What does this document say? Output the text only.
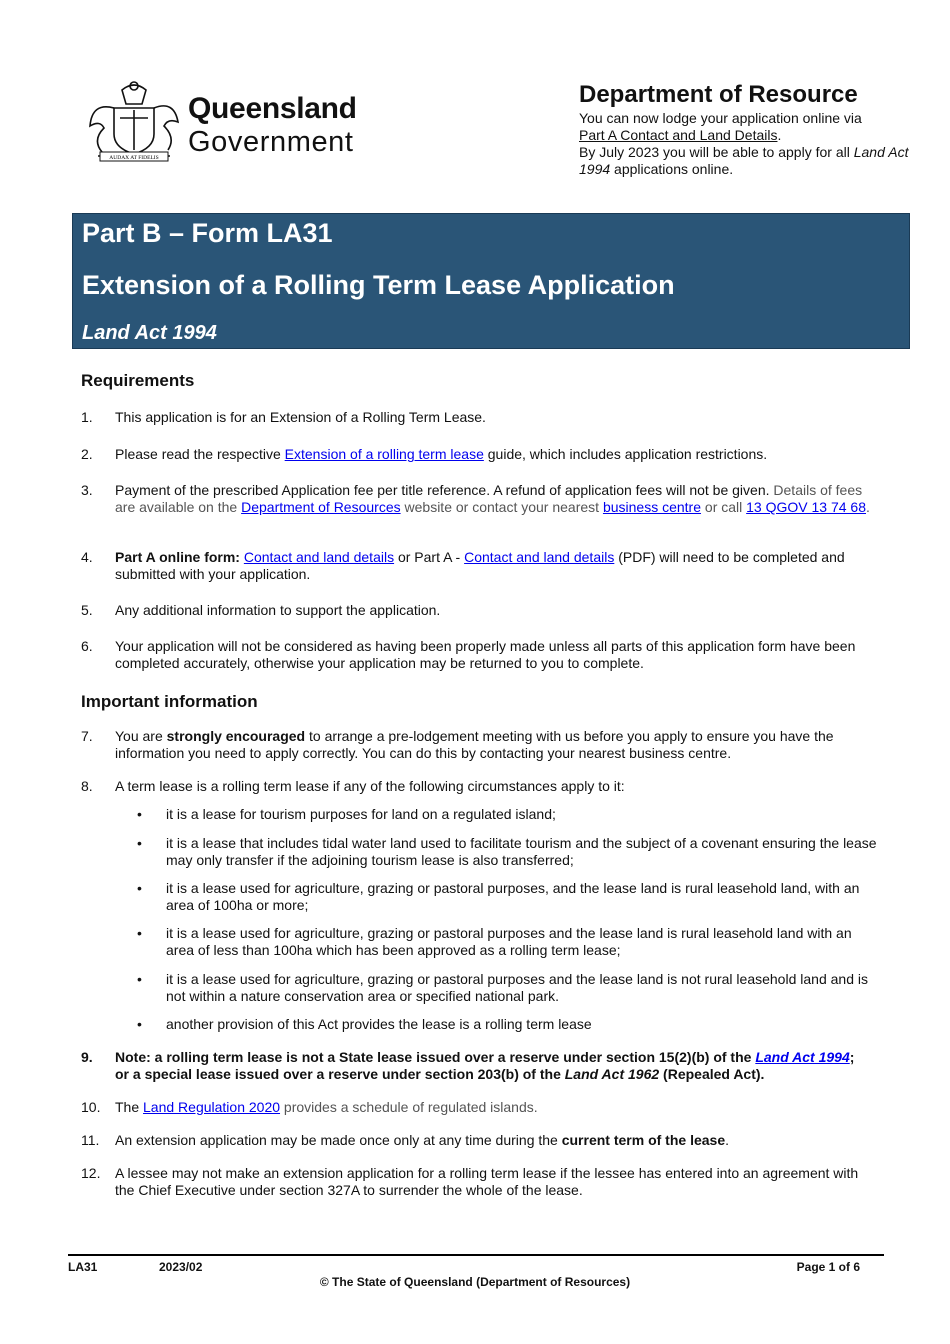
AUDAX AT FIDELIS
Queensland
Government
Department of Resource
You can now lodge your application online via
Part A Contact and Land Details.
By July 2023 you will be able to apply for all Land Act 1994 applications online.
Part B – Form LA31
Extension of a Rolling Term Lease Application
Land Act 1994
Requirements
1.	This application is for an Extension of a Rolling Term Lease.
2.	Please read the respective Extension of a rolling term lease guide, which includes application restrictions.
3.	Payment of the prescribed Application fee per title reference. A refund of application fees will not be given. Details of fees are available on the Department of Resources website or contact your nearest business centre or call 13 QGOV 13 74 68.
4.	Part A online form: Contact and land details or Part A - Contact and land details (PDF) will need to be completed and submitted with your application.
5.	Any additional information to support the application.
6.	Your application will not be considered as having been properly made unless all parts of this application form have been completed accurately, otherwise your application may be returned to you to complete.
Important information
7.	You are strongly encouraged to arrange a pre-lodgement meeting with us before you apply to ensure you have the information you need to apply correctly. You can do this by contacting your nearest business centre.
8.	A term lease is a rolling term lease if any of the following circumstances apply to it:
• it is a lease for tourism purposes for land on a regulated island;
• it is a lease that includes tidal water land used to facilitate tourism and the subject of a covenant ensuring the lease may only transfer if the adjoining tourism lease is also transferred;
• it is a lease used for agriculture, grazing or pastoral purposes, and the lease land is rural leasehold land, with an area of 100ha or more;
• it is a lease used for agriculture, grazing or pastoral purposes and the lease land is rural leasehold land with an area of less than 100ha which has been approved as a rolling term lease;
• it is a lease used for agriculture, grazing or pastoral purposes and the lease land is not rural leasehold land and is not within a nature conservation area or specified national park.
• another provision of this Act provides the lease is a rolling term lease
9.	Note: a rolling term lease is not a State lease issued over a reserve under section 15(2)(b) of the Land Act 1994; or a special lease issued over a reserve under section 203(b) of the Land Act 1962 (Repealed Act).
10.	The Land Regulation 2020 provides a schedule of regulated islands.
11.	An extension application may be made once only at any time during the current term of the lease.
12.	A lessee may not make an extension application for a rolling term lease if the lessee has entered into an agreement with the Chief Executive under section 327A to surrender the whole of the lease.
LA31	2023/02	Page 1 of 6
© The State of Queensland (Department of Resources)
